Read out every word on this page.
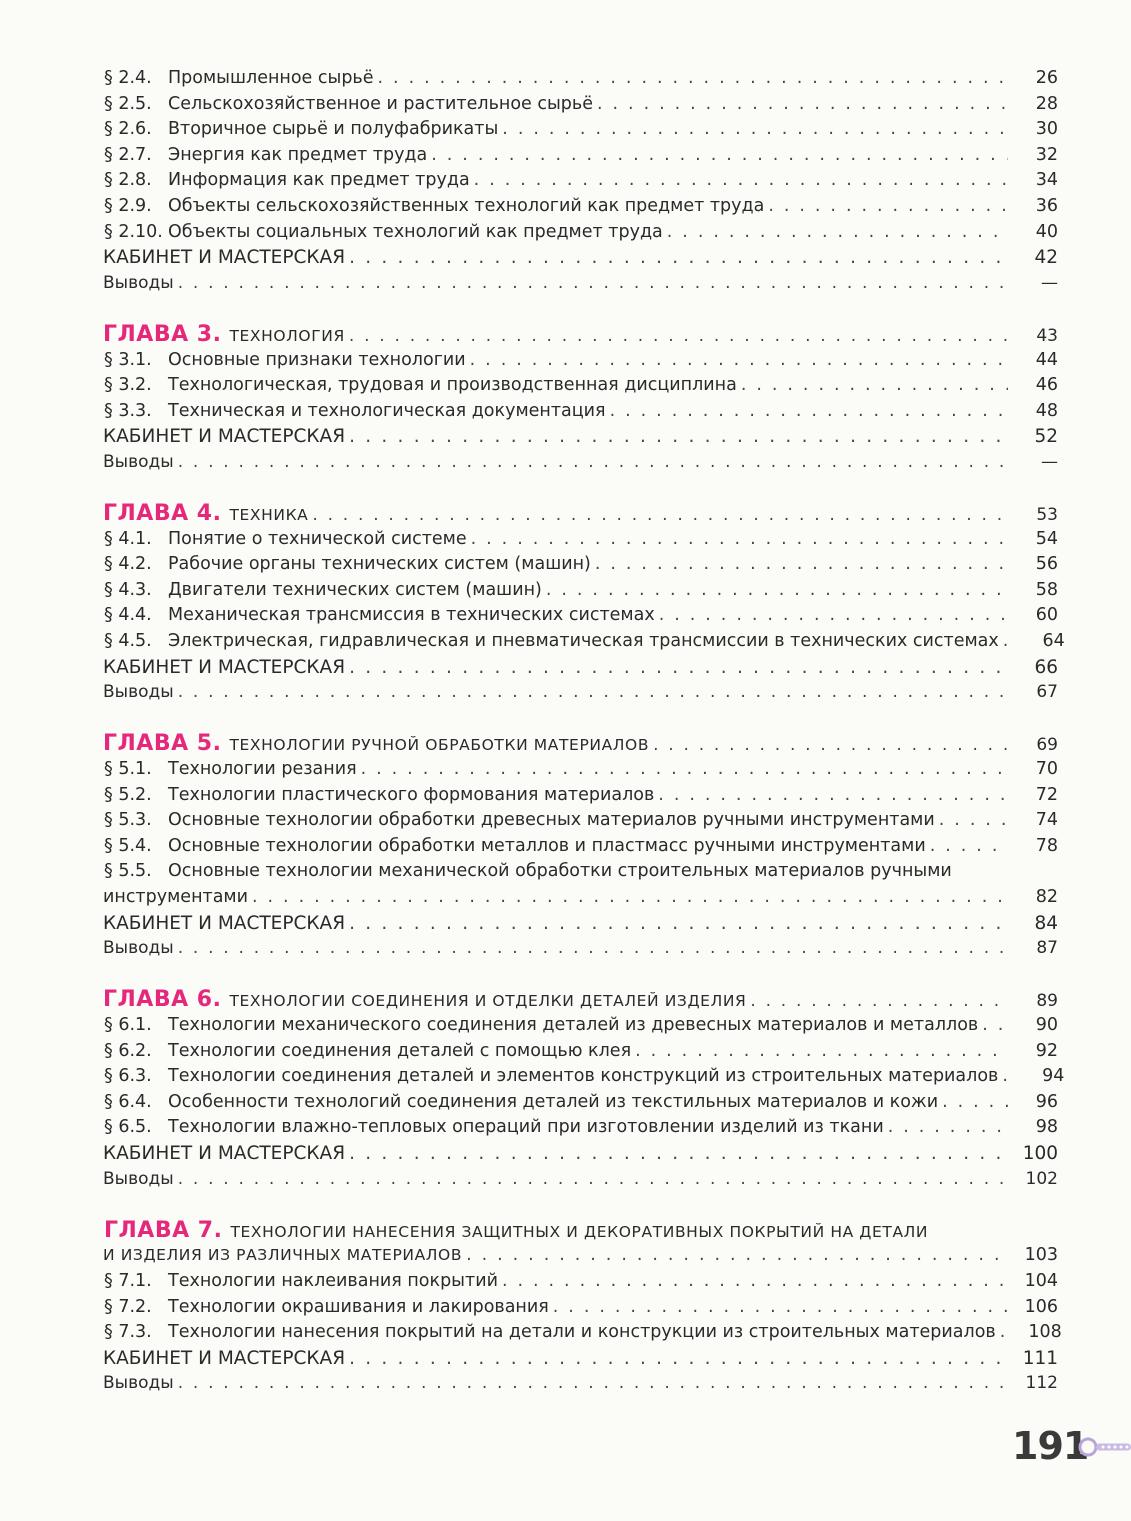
§ 2.4. Промышленное сырьё . . .	26
§ 2.5. Сельскохозяйственное и растительное сырьё . . .	28
§ 2.6. Вторичное сырьё и полуфабрикаты . . .	30
§ 2.7. Энергия как предмет труда . . .	32
§ 2.8. Информация как предмет труда . . .	34
§ 2.9. Объекты сельскохозяйственных технологий как предмет труда . . .	36
§ 2.10. Объекты социальных технологий как предмет труда . . .	40
КАБИНЕТ И МАСТЕРСКАЯ . . .	42
Выводы . . .	—
ГЛАВА 3. ТЕХНОЛОГИЯ . . .	43
§ 3.1. Основные признаки технологии . . .	44
§ 3.2. Технологическая, трудовая и производственная дисциплина . . .	46
§ 3.3. Техническая и технологическая документация . . .	48
КАБИНЕТ И МАСТЕРСКАЯ . . .	52
Выводы . . .	—
ГЛАВА 4. ТЕХНИКА . . .	53
§ 4.1. Понятие о технической системе . . .	54
§ 4.2. Рабочие органы технических систем (машин) . . .	56
§ 4.3. Двигатели технических систем (машин) . . .	58
§ 4.4. Механическая трансмиссия в технических системах . . .	60
§ 4.5. Электрическая, гидравлическая и пневматическая трансмиссии в технических системах . . .	64
КАБИНЕТ И МАСТЕРСКАЯ . . .	66
Выводы . . .	67
ГЛАВА 5. ТЕХНОЛОГИИ РУЧНОЙ ОБРАБОТКИ МАТЕРИАЛОВ . . .	69
§ 5.1. Технологии резания . . .	70
§ 5.2. Технологии пластического формования материалов . . .	72
§ 5.3. Основные технологии обработки древесных материалов ручными инструментами . . .	74
§ 5.4. Основные технологии обработки металлов и пластмасс ручными инструментами . . .	78
§ 5.5. Основные технологии механической обработки строительных материалов ручными
инструментами . . .	82
КАБИНЕТ И МАСТЕРСКАЯ . . .	84
Выводы . . .	87
ГЛАВА 6. ТЕХНОЛОГИИ СОЕДИНЕНИЯ И ОТДЕЛКИ ДЕТАЛЕЙ ИЗДЕЛИЯ . . .	89
§ 6.1. Технологии механического соединения деталей из древесных материалов и металлов . . .	90
§ 6.2. Технологии соединения деталей с помощью клея . . .	92
§ 6.3. Технологии соединения деталей и элементов конструкций из строительных материалов . . .	94
§ 6.4. Особенности технологий соединения деталей из текстильных материалов и кожи . . .	96
§ 6.5. Технологии влажно-тепловых операций при изготовлении изделий из ткани . . .	98
КАБИНЕТ И МАСТЕРСКАЯ . . .	100
Выводы . . .	102
ГЛАВА 7. ТЕХНОЛОГИИ НАНЕСЕНИЯ ЗАЩИТНЫХ И ДЕКОРАТИВНЫХ ПОКРЫТИЙ НА ДЕТАЛИ
И ИЗДЕЛИЯ ИЗ РАЗЛИЧНЫХ МАТЕРИАЛОВ . . .	103
§ 7.1. Технологии наклеивания покрытий . . .	104
§ 7.2. Технологии окрашивания и лакирования . . .	106
§ 7.3. Технологии нанесения покрытий на детали и конструкции из строительных материалов . . .	108
КАБИНЕТ И МАСТЕРСКАЯ . . .	111
Выводы . . .	112
191
